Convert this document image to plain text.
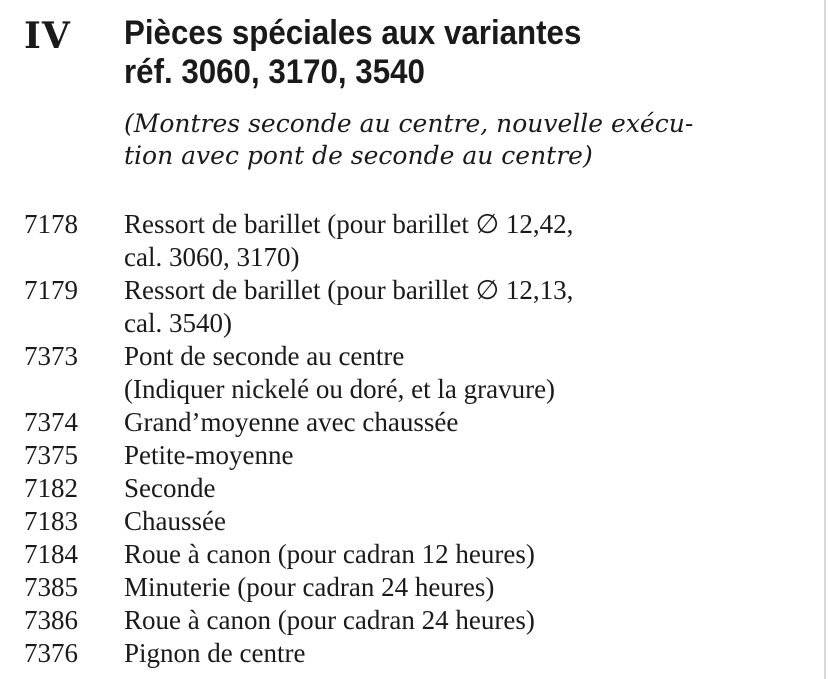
IV Pièces spéciales aux variantes
réf. 3060, 3170, 3540
(Montres seconde au centre, nouvelle exécu-
tion avec pont de seconde au centre)
7178	Ressort de barillet (pour barillet ∅ 12,42,
cal. 3060, 3170)
7179	Ressort de barillet (pour barillet ∅ 12,13,
cal. 3540)
7373	Pont de seconde au centre
(Indiquer nickelé ou doré, et la gravure)
7374	Grand’moyenne avec chaussée
7375	Petite-moyenne
7182	Seconde
7183	Chaussée
7184	Roue à canon (pour cadran 12 heures)
7385	Minuterie (pour cadran 24 heures)
7386	Roue à canon (pour cadran 24 heures)
7376	Pignon de centre
